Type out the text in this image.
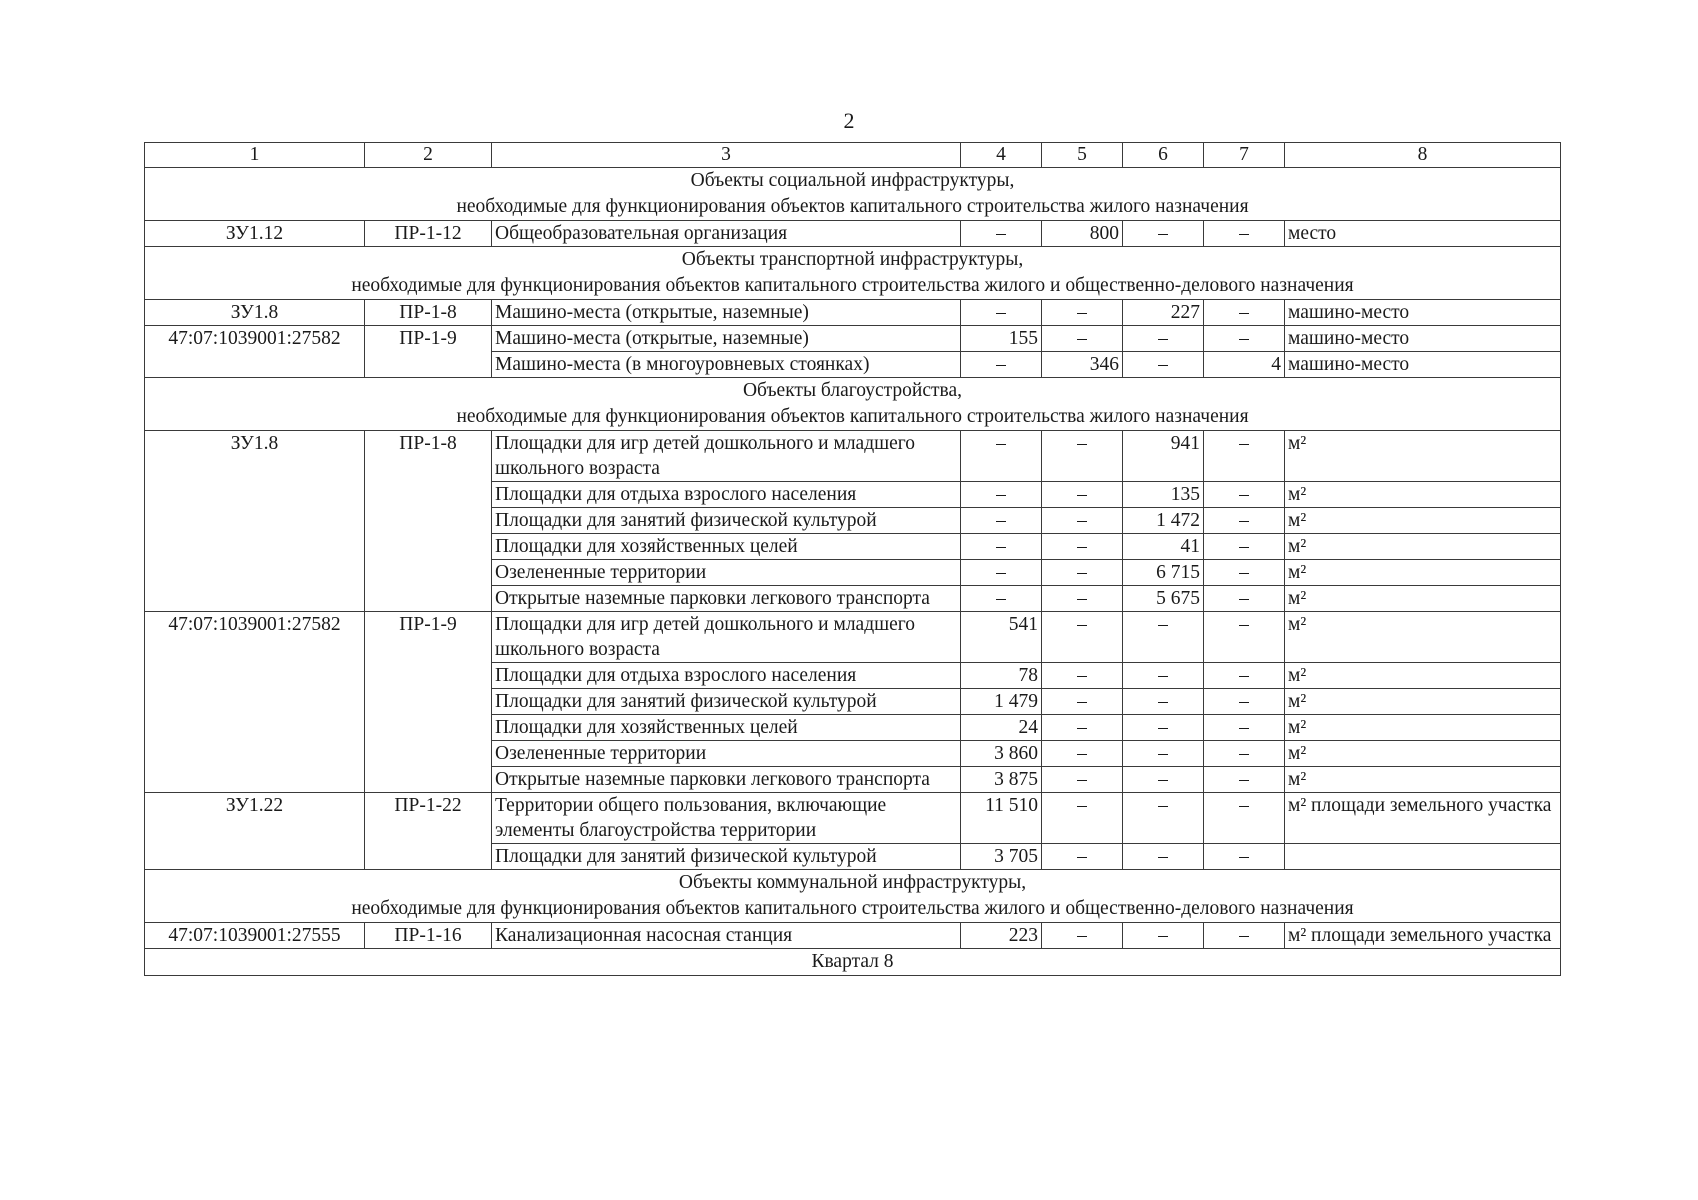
2
1	2	3	4	5	6	7	8

Объекты социальной инфраструктуры,
необходимые для функционирования объектов капитального строительства жилого назначения							

ЗУ1.12	ПР-1-12	Общеобразовательная организация	–	800	–	–	место

Объекты транспортной инфраструктуры,
необходимые для функционирования объектов капитального строительства жилого и общественно-делового назначения							

ЗУ1.8	ПР-1-8	Машино-места (открытые, наземные)	–	–	227	–	машино-место
47:07:1039001:27582	ПР-1-9	Машино-места (открытые, наземные)	155	–	–	–	машино-место
		Машино-места (в многоуровневых стоянках)	–	346	–	4	машино-место

Объекты благоустройства,
необходимые для функционирования объектов капитального строительства жилого назначения							

ЗУ1.8	ПР-1-8	Площадки для игр детей дошкольного и младшего школьного возраста	–	–	941	–	м²
		Площадки для отдыха взрослого населения	–	–	135	–	м²
		Площадки для занятий физической культурой	–	–	1 472	–	м²
		Площадки для хозяйственных целей	–	–	41	–	м²
		Озелененные территории	–	–	6 715	–	м²
		Открытые наземные парковки легкового транспорта	–	–	5 675	–	м²
47:07:1039001:27582	ПР-1-9	Площадки для игр детей дошкольного и младшего школьного возраста	541	–	–	–	м²
		Площадки для отдыха взрослого населения	78	–	–	–	м²
		Площадки для занятий физической культурой	1 479	–	–	–	м²
		Площадки для хозяйственных целей	24	–	–	–	м²
		Озелененные территории	3 860	–	–	–	м²
		Открытые наземные парковки легкового транспорта	3 875	–	–	–	м²
ЗУ1.22	ПР-1-22	Территории общего пользования, включающие элементы благоустройства территории	11 510	–	–	–	м² площади земельного участка
		Площадки для занятий физической культурой	3 705	–	–	–	

Объекты коммунальной инфраструктуры,
необходимые для функционирования объектов капитального строительства жилого и общественно-делового назначения							

47:07:1039001:27555	ПР-1-16	Канализационная насосная станция	223	–	–	–	м² площади земельного участка
Квартал 8							
